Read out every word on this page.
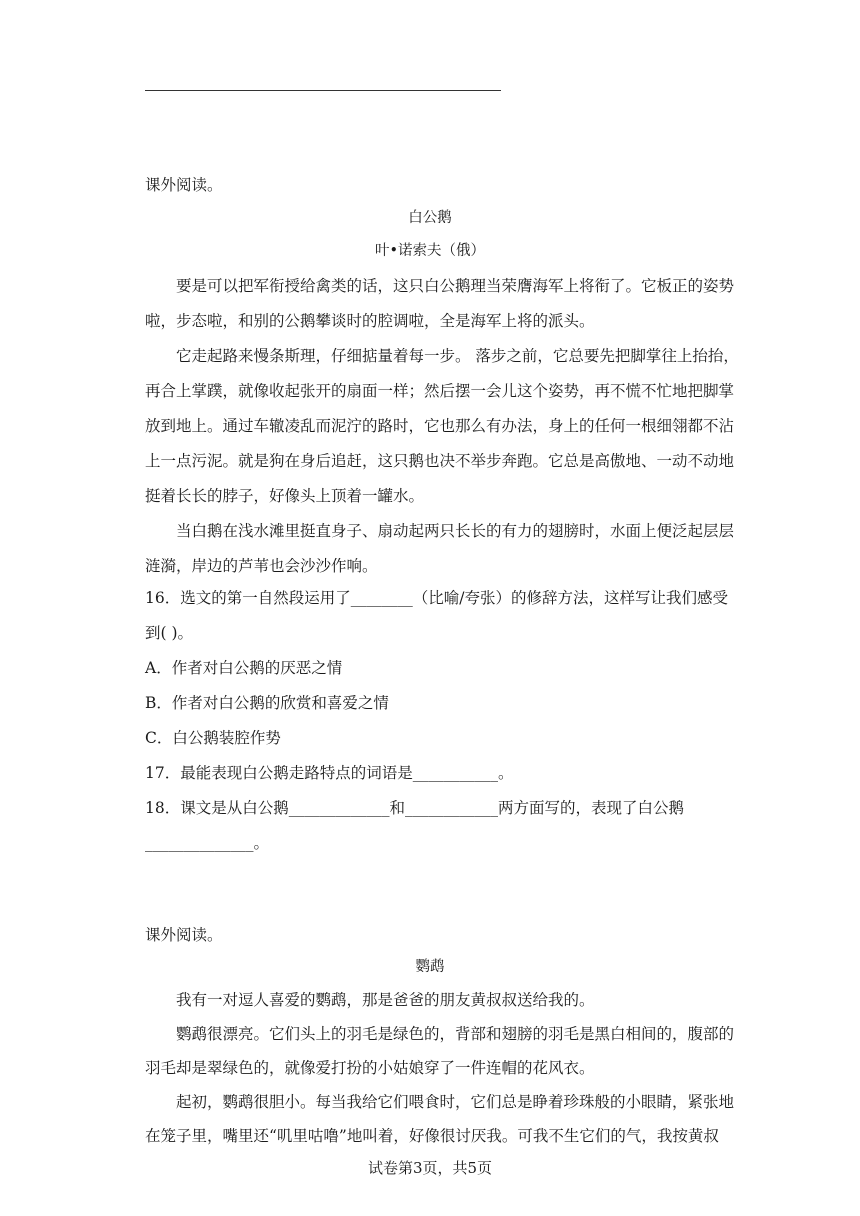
课外阅读。
白公鹅
叶•诺索夫（俄）
要是可以把军衔授给禽类的话，这只白公鹅理当荣膺海军上将衔了。它板正的姿势
啦，步态啦，和别的公鹅攀谈时的腔调啦，全是海军上将的派头。
它走起路来慢条斯理，仔细掂量着每一步。 落步之前，它总要先把脚掌往上抬抬，
再合上掌蹼，就像收起张开的扇面一样；然后摆一会儿这个姿势，再不慌不忙地把脚掌
放到地上。通过车辙凌乱而泥泞的路时，它也那么有办法，身上的任何一根细翎都不沾
上一点污泥。就是狗在身后追赶，这只鹅也决不举步奔跑。它总是高傲地、一动不动地
挺着长长的脖子，好像头上顶着一罐水。
当白鹅在浅水滩里挺直身子、扇动起两只长长的有力的翅膀时，水面上便泛起层层
涟漪，岸边的芦苇也会沙沙作响。
16．选文的第一自然段运用了________（比喻/夸张）的修辞方法，这样写让我们感受
到( )。
A．作者对白公鹅的厌恶之情
B．作者对白公鹅的欣赏和喜爱之情
C．白公鹅装腔作势
17．最能表现白公鹅走路特点的词语是___________。
18．课文是从白公鹅_____________和____________两方面写的，表现了白公鹅
______________。
课外阅读。
鹦鹉
我有一对逗人喜爱的鹦鹉，那是爸爸的朋友黄叔叔送给我的。
鹦鹉很漂亮。它们头上的羽毛是绿色的，背部和翅膀的羽毛是黑白相间的，腹部的
羽毛却是翠绿色的，就像爱打扮的小姑娘穿了一件连帽的花风衣。
起初，鹦鹉很胆小。每当我给它们喂食时，它们总是睁着珍珠般的小眼睛，紧张地
在笼子里，嘴里还“叽里咕噜”地叫着，好像很讨厌我。可我不生它们的气，我按黄叔
试卷第3页，共5页
